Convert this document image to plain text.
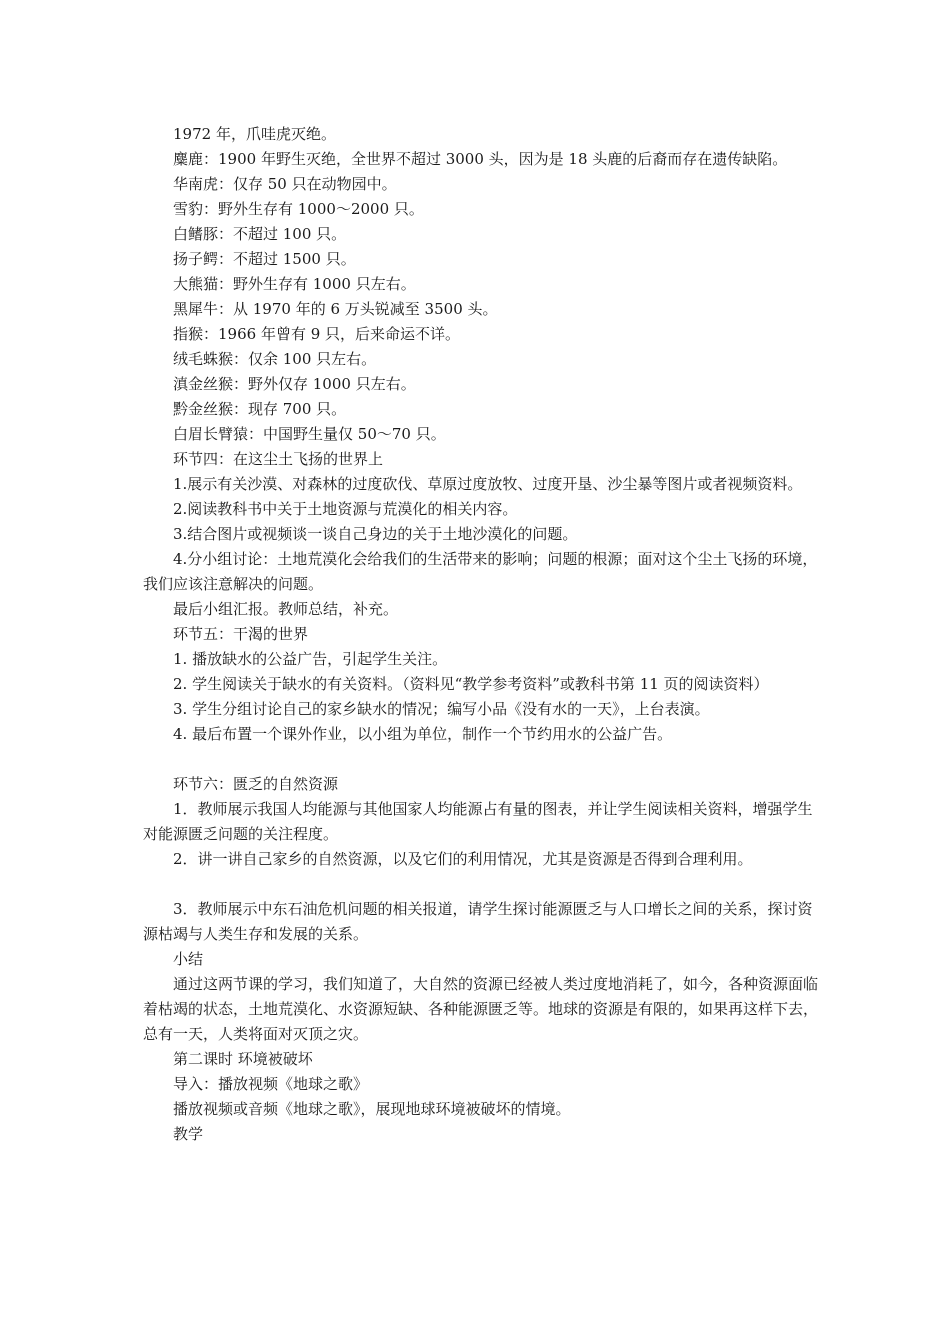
1972 年，爪哇虎灭绝。

麋鹿：1900 年野生灭绝，全世界不超过 3000 头，因为是 18 头鹿的后裔而存在遗传缺陷。

华南虎：仅存 50 只在动物园中。

雪豹：野外生存有 1000～2000 只。

白鳍豚：不超过 100 只。

扬子鳄：不超过 1500 只。

大熊猫：野外生存有 1000 只左右。

黑犀牛：从 1970 年的 6 万头锐减至 3500 头。

指猴：1966 年曾有 9 只，后来命运不详。

绒毛蛛猴：仅余 100 只左右。

滇金丝猴：野外仅存 1000 只左右。

黔金丝猴：现存 700 只。

白眉长臂猿：中国野生量仅 50～70 只。

环节四：在这尘土飞扬的世界上

1.展示有关沙漠、对森林的过度砍伐、草原过度放牧、过度开垦、沙尘暴等图片或者视频资料。

2.阅读教科书中关于土地资源与荒漠化的相关内容。

3.结合图片或视频谈一谈自己身边的关于土地沙漠化的问题。

4.分小组讨论：土地荒漠化会给我们的生活带来的影响；问题的根源；面对这个尘土飞扬的环境，我们应该注意解决的问题。

最后小组汇报。教师总结，补充。

环节五：干渴的世界

1. 播放缺水的公益广告，引起学生关注。

2. 学生阅读关于缺水的有关资料。（资料见“教学参考资料”或教科书第 11 页的阅读资料）

3. 学生分组讨论自己的家乡缺水的情况；编写小品《没有水的一天》，上台表演。

4. 最后布置一个课外作业，以小组为单位，制作一个节约用水的公益广告。

环节六：匮乏的自然资源

1．教师展示我国人均能源与其他国家人均能源占有量的图表，并让学生阅读相关资料，增强学生对能源匮乏问题的关注程度。

2．讲一讲自己家乡的自然资源，以及它们的利用情况，尤其是资源是否得到合理利用。

3．教师展示中东石油危机问题的相关报道，请学生探讨能源匮乏与人口增长之间的关系，探讨资源枯竭与人类生存和发展的关系。

小结

通过这两节课的学习，我们知道了，大自然的资源已经被人类过度地消耗了，如今，各种资源面临着枯竭的状态，土地荒漠化、水资源短缺、各种能源匮乏等。地球的资源是有限的，如果再这样下去，总有一天，人类将面对灭顶之灾。

第二课时 环境被破坏

导入：播放视频《地球之歌》

播放视频或音频《地球之歌》，展现地球环境被破坏的情境。

教学
